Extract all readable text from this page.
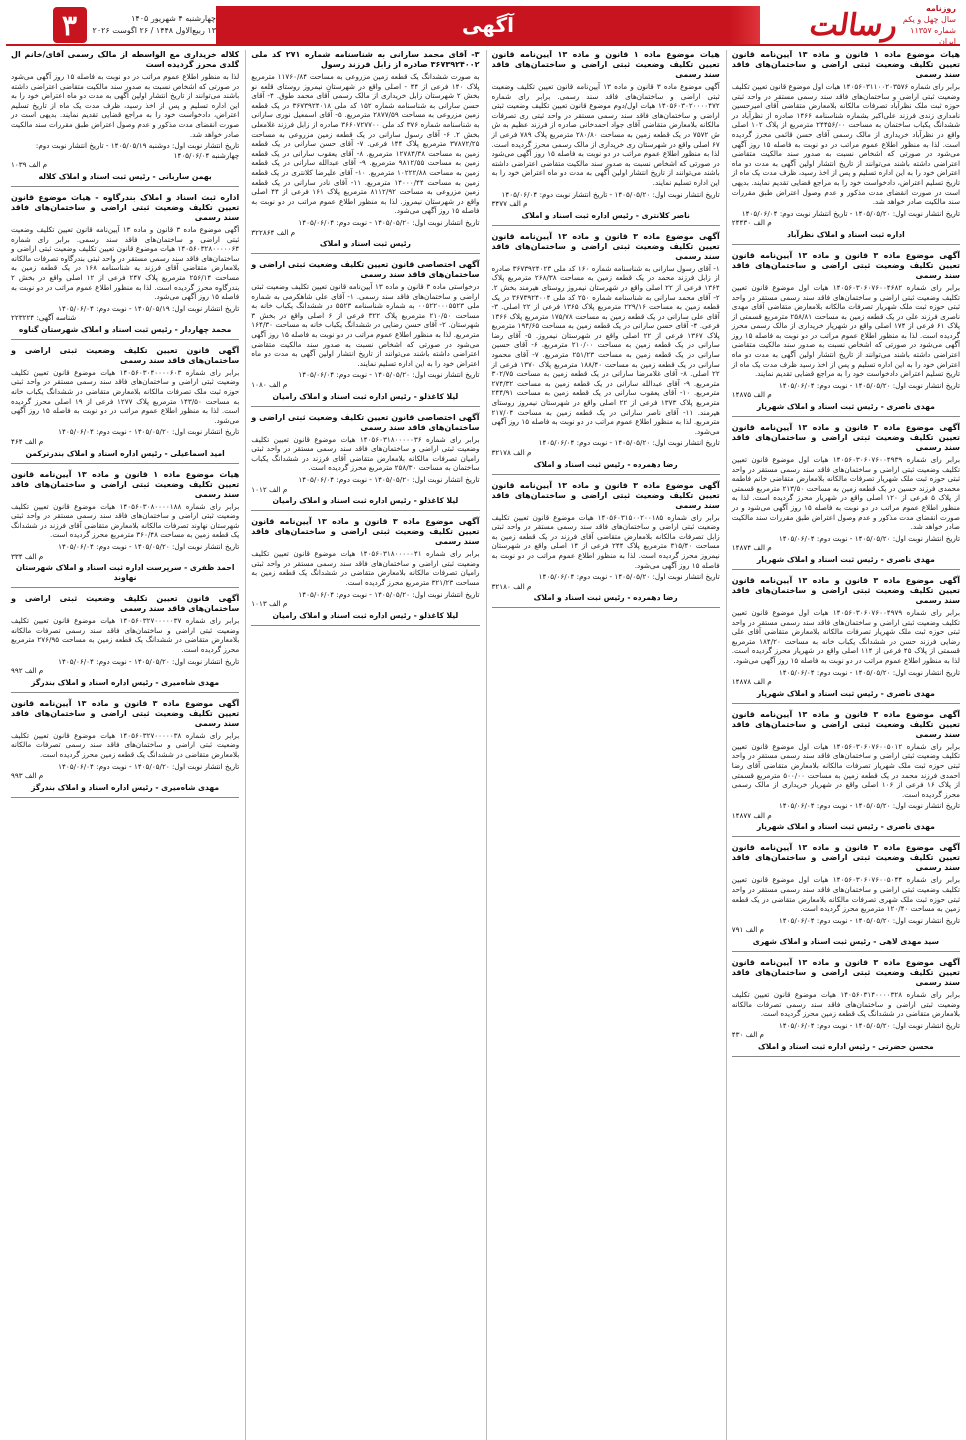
روزنامه
سال چهل و یکم
شماره ۱۱۳۵۷
ایران
رسالت
آگهی
چهارشنبه ۴ شهریور ۱۴۰۵
۱۳ ربیع‌الاول ۱۴۴۸ / ۲۶ اگوست ۲۰۲۶
۳
هیات موضوع ماده ۱ قانون و ماده ۱۳ آیین‌نامه قانون تعیین تکلیف وضعیت ثبتی اراضی و ساختمان‌های فاقد سند رسمی
برابر رای شماره ۱۴۰۵۶۰۳۱۱۰۰۲۰۳۵۷۶ هیات اول موضوع قانون تعیین تکلیف وضعیت ثبتی اراضی و ساختمان‌های فاقد سند رسمی مستقر در واحد ثبتی حوزه ثبت ملک نظرآباد تصرفات مالکانه بلامعارض متقاضی آقای امیرحسین نامداری زندی فرزند علی‌اکبر بشماره شناسنامه ۱۴۶۶ صادره از نظرآباد در ششدانگ یکباب ساختمان به مساحت ۲۴۴۵۶/۰۰ مترمربع از پلاک ۱۰۲ اصلی واقع در نظرآباد خریداری از مالک رسمی آقای حسن قائمی محرز گردیده است. لذا به منظور اطلاع عموم مراتب در دو نوبت به فاصله ۱۵ روز آگهی می‌شود در صورتی که اشخاص نسبت به صدور سند مالکیت متقاضی اعتراضی داشته باشند می‌توانند از تاریخ انتشار اولین آگهی به مدت دو ماه اعتراض خود را به این اداره تسلیم و پس از اخذ رسید، ظرف مدت یک ماه از تاریخ تسلیم اعتراض، دادخواست خود را به مراجع قضایی تقدیم نمایند. بدیهی است در صورت انقضای مدت مذکور و عدم وصول اعتراض طبق مقررات سند مالکیت صادر خواهد شد.
تاریخ انتشار نوبت اول: ۱۴۰۵/۰۵/۲۰ - تاریخ انتشار نوبت دوم: ۱۴۰۵/۰۶/۰۴
م الف ۲۴۴۳۰
اداره ثبت اسناد و املاک نظرآباد
آگهی موضوع ماده ۳ قانون و ماده ۱۳ آیین‌نامه قانون تعیین تکلیف وضعیت ثبتی اراضی و ساختمان‌های فاقد سند رسمی
برابر رای شماره ۱۴۰۵۶۰۳۰۶۰۷۶۰۰۴۶۸۲ هیات اول موضوع قانون تعیین تکلیف وضعیت ثبتی اراضی و ساختمان‌های فاقد سند رسمی مستقر در واحد ثبتی حوزه ثبت ملک شهریار تصرفات مالکانه بلامعارض متقاضی آقای مهدی ناصری فرزند علی در یک قطعه زمین به مساحت ۲۵۸/۸۱ مترمربع قسمتی از پلاک ۶۱ فرعی از ۱۷۴ اصلی واقع در شهریار خریداری از مالک رسمی محرز گردیده است. لذا به منظور اطلاع عموم مراتب در دو نوبت به فاصله ۱۵ روز آگهی می‌شود در صورتی که اشخاص نسبت به صدور سند مالکیت متقاضی اعتراضی داشته باشند می‌توانند از تاریخ انتشار اولین آگهی به مدت دو ماه اعتراض خود را به این اداره تسلیم و پس از اخذ رسید ظرف مدت یک ماه از تاریخ تسلیم اعتراض دادخواست خود را به مراجع قضایی تقدیم نمایند.
تاریخ انتشار نوبت اول: ۱۴۰۵/۰۵/۲۰ - نوبت دوم: ۱۴۰۵/۰۶/۰۴
م الف ۱۴۸۷۵
مهدی ناصری - رئیس ثبت اسناد و املاک شهریار
آگهی موضوع ماده ۳ قانون و ماده ۱۳ آیین‌نامه قانون تعیین تکلیف وضعیت ثبتی اراضی و ساختمان‌های فاقد سند رسمی
برابر رای شماره ۱۴۰۵۶۰۳۰۶۰۷۶۰۰۴۹۳۹ هیات اول موضوع قانون تعیین تکلیف وضعیت ثبتی اراضی و ساختمان‌های فاقد سند رسمی مستقر در واحد ثبتی حوزه ثبت ملک شهریار تصرفات مالکانه بلامعارض متقاضی خانم فاطمه محمدی فرزند حسین در یک قطعه زمین به مساحت ۲۱۳/۵۰ مترمربع قسمتی از پلاک ۵ فرعی از ۱۲۰ اصلی واقع در شهریار محرز گردیده است. لذا به منظور اطلاع عموم مراتب در دو نوبت به فاصله ۱۵ روز آگهی می‌شود و در صورت انقضای مدت مذکور و عدم وصول اعتراض طبق مقررات سند مالکیت صادر خواهد شد.
تاریخ انتشار نوبت اول: ۱۴۰۵/۰۵/۲۰ - نوبت دوم: ۱۴۰۵/۰۶/۰۴
م الف ۱۴۸۷۴
مهدی ناصری - رئیس ثبت اسناد و املاک شهریار
آگهی موضوع ماده ۳ قانون و ماده ۱۳ آیین‌نامه قانون تعیین تکلیف وضعیت ثبتی اراضی و ساختمان‌های فاقد سند رسمی
برابر رای شماره ۱۴۰۵۶۰۳۰۶۰۷۶۰۰۴۹۷۹ هیات اول موضوع قانون تعیین تکلیف وضعیت ثبتی اراضی و ساختمان‌های فاقد سند رسمی مستقر در واحد ثبتی حوزه ثبت ملک شهریار تصرفات مالکانه بلامعارض متقاضی آقای علی رضایی فرزند حسن در ششدانگ یکباب خانه به مساحت ۱۸۴/۲۰ مترمربع قسمتی از پلاک ۴۵ فرعی از ۱۱۴ اصلی واقع در شهریار محرز گردیده است. لذا به منظور اطلاع عموم مراتب در دو نوبت به فاصله ۱۵ روز آگهی می‌شود.
تاریخ انتشار نوبت اول: ۱۴۰۵/۰۵/۲۰ - نوبت دوم: ۱۴۰۵/۰۶/۰۴
م الف ۱۴۸۷۸
مهدی ناصری - رئیس ثبت اسناد و املاک شهریار
آگهی موضوع ماده ۳ قانون و ماده ۱۳ آیین‌نامه قانون تعیین تکلیف وضعیت ثبتی اراضی و ساختمان‌های فاقد سند رسمی
برابر رای شماره ۱۴۰۵۶۰۳۰۶۰۷۶۰۰۵۰۱۲ هیات اول موضوع قانون تعیین تکلیف وضعیت ثبتی اراضی و ساختمان‌های فاقد سند رسمی مستقر در واحد ثبتی حوزه ثبت ملک شهریار تصرفات مالکانه بلامعارض متقاضی آقای رضا احمدی فرزند محمد در یک قطعه زمین به مساحت ۵۰۰/۰۰ مترمربع قسمتی از پلاک ۱۶ فرعی از ۱۰۶ اصلی واقع در شهریار خریداری از مالک رسمی محرز گردیده است.
تاریخ انتشار نوبت اول: ۱۴۰۵/۰۵/۲۰ - نوبت دوم: ۱۴۰۵/۰۶/۰۴
م الف ۱۴۸۷۷
مهدی ناصری - رئیس ثبت اسناد و املاک شهریار
آگهی موضوع ماده ۳ قانون و ماده ۱۳ آیین‌نامه قانون تعیین تکلیف وضعیت ثبتی اراضی و ساختمان‌های فاقد سند رسمی
برابر رای شماره ۱۴۰۵۶۰۳۰۶۰۷۶۰۰۵۰۴۴ هیات اول موضوع قانون تعیین تکلیف وضعیت ثبتی اراضی و ساختمان‌های فاقد سند رسمی مستقر در واحد ثبتی حوزه ثبت ملک شهری تصرفات مالکانه بلامعارض متقاضی در یک قطعه زمین به مساحت ۱۲۰/۴۰ مترمربع محرز گردیده است.
تاریخ انتشار نوبت اول: ۱۴۰۵/۰۵/۲۰ - نوبت دوم: ۱۴۰۵/۰۶/۰۴
م الف ۷۹۱
سید مهدی لاهی - رئیس ثبت اسناد و املاک شهری
آگهی موضوع ماده ۳ قانون و ماده ۱۳ آیین‌نامه قانون تعیین تکلیف وضعیت ثبتی اراضی و ساختمان‌های فاقد سند رسمی
برابر رای شماره ۱۴۰۵۶۰۳۱۴۰۰۰۰۳۲۸ هیات موضوع قانون تعیین تکلیف وضعیت ثبتی اراضی و ساختمان‌های فاقد سند رسمی تصرفات مالکانه بلامعارض متقاضی در ششدانگ یک قطعه زمین محرز گردیده است.
تاریخ انتشار نوبت اول: ۱۴۰۵/۰۵/۲۰ - نوبت دوم: ۱۴۰۵/۰۶/۰۴
م الف ۴۳۰
محسن حضرتی - رئیس اداره ثبت اسناد و املاک
هیات موضوع ماده ۱ قانون و ماده ۱۳ آیین‌نامه قانون تعیین تکلیف وضعیت ثبتی اراضی و ساختمان‌های فاقد سند رسمی
آگهی موضوع ماده ۳ قانون و ماده ۱۳ آیین‌نامه قانون تعیین تکلیف وضعیت ثبتی اراضی و ساختمان‌های فاقد سند رسمی. برابر رای شماره ۱۴۰۵۶۰۳۰۲۰۰۰۰۴۷۲ هیات اول/دوم موضوع قانون تعیین تکلیف وضعیت ثبتی اراضی و ساختمان‌های فاقد سند رسمی مستقر در واحد ثبتی ری تصرفات مالکانه بلامعارض متقاضی آقای جواد احمدخانی صادره از فرزند عظیم به ش ش ۷۵۷۲ در یک قطعه زمین به مساحت ۲۸۰/۸۰ مترمربع پلاک ۷۸۹ فرعی از ۶۷ اصلی واقع در شهرستان ری خریداری از مالک رسمی محرز گردیده است. لذا به منظور اطلاع عموم مراتب در دو نوبت به فاصله ۱۵ روز آگهی می‌شود در صورتی که اشخاص نسبت به صدور سند مالکیت متقاضی اعتراضی داشته باشند می‌توانند از تاریخ انتشار اولین آگهی به مدت دو ماه اعتراض خود را به این اداره تسلیم نمایند.
تاریخ انتشار نوبت اول: ۱۴۰۵/۰۵/۲۰ - تاریخ انتشار نوبت دوم: ۱۴۰۵/۰۶/۰۴
م الف ۳۴۷۷
ناصر کلانتری - رئیس اداره ثبت اسناد و املاک
آگهی موضوع ماده ۳ قانون و ماده ۱۳ آیین‌نامه قانون تعیین تکلیف وضعیت ثبتی اراضی و ساختمان‌های فاقد سند رسمی
۱- آقای رسول سارانی به شناسنامه شماره ۱۶۰ کد ملی ۳۶۷۳۹۲۴۰۲۳ صادره از زابل فرزند محمد در یک قطعه زمین به مساحت ۲۶۸/۳۸ مترمربع پلاک ۱۳۶۴ فرعی از ۲۲ اصلی واقع در شهرستان نیمروز روستای هیرمند بخش ۲. ۲- آقای محمد سارانی به شناسنامه شماره ۲۵۰ کد ملی ۳۶۷۳۹۲۴۰۰۴ در یک قطعه زمین به مساحت ۲۲۹/۱۶ مترمربع پلاک ۱۳۶۵ فرعی از ۲۲ اصلی. ۳- آقای علی سارانی در یک قطعه زمین به مساحت ۱۷۵/۷۸ مترمربع پلاک ۱۳۶۶ فرعی. ۴- آقای حسن سارانی در یک قطعه زمین به مساحت ۱۹۴/۶۵ مترمربع پلاک ۱۳۶۷ فرعی از ۲۲ اصلی واقع در شهرستان نیمروز. ۵- آقای رضا سارانی در یک قطعه زمین به مساحت ۲۱۰/۰۰ مترمربع. ۶- آقای حسین سارانی در یک قطعه زمین به مساحت ۲۵۱/۲۳ مترمربع. ۷- آقای محمود سارانی در یک قطعه زمین به مساحت ۱۸۸/۴۰ مترمربع پلاک ۱۳۷۰ فرعی از ۲۲ اصلی. ۸- آقای غلامرضا سارانی در یک قطعه زمین به مساحت ۳۰۲/۷۵ مترمربع. ۹- آقای عبدالله سارانی در یک قطعه زمین به مساحت ۲۷۴/۳۲ مترمربع. ۱۰- آقای یعقوب سارانی در یک قطعه زمین به مساحت ۲۴۴/۹۱ مترمربع پلاک ۱۳۷۳ فرعی از ۲۲ اصلی واقع در شهرستان نیمروز روستای هیرمند. ۱۱- آقای ناصر سارانی در یک قطعه زمین به مساحت ۲۱۷/۰۴ مترمربع. لذا به منظور اطلاع عموم مراتب در دو نوبت به فاصله ۱۵ روز آگهی می‌شود.
تاریخ انتشار نوبت اول: ۱۴۰۵/۰۵/۲۰ - نوبت دوم: ۱۴۰۵/۰۶/۰۴
م الف ۳۲۱۷۸
رضا دهمرده - رئیس ثبت اسناد و املاک
آگهی موضوع ماده ۳ قانون و ماده ۱۳ آیین‌نامه قانون تعیین تکلیف وضعیت ثبتی اراضی و ساختمان‌های فاقد سند رسمی
برابر رای شماره ۱۴۰۵۶۰۳۱۵۰۰۲۰۰۱۸۵ هیات موضوع قانون تعیین تکلیف وضعیت ثبتی اراضی و ساختمان‌های فاقد سند رسمی مستقر در واحد ثبتی زابل تصرفات مالکانه بلامعارض متقاضی آقای فرزند در یک قطعه زمین به مساحت ۳۱۵/۴۰ مترمربع پلاک ۲۴۴ فرعی از ۱۴ اصلی واقع در شهرستان نیمروز محرز گردیده است. لذا به منظور اطلاع عموم مراتب در دو نوبت به فاصله ۱۵ روز آگهی می‌شود.
تاریخ انتشار نوبت اول: ۱۴۰۵/۰۵/۲۰ - نوبت دوم: ۱۴۰۵/۰۶/۰۴
م الف ۳۲۱۸۰
رضا دهمرده - رئیس ثبت اسناد و املاک
۳- آقای محمد سارانی به شناسنامه شماره ۲۷۱ کد ملی ۳۶۷۳۹۲۴۰۰۲ صادره از زابل فرزند رسول
به صورت ششدانگ یک قطعه زمین مزروعی به مساحت ۱۱۷۶۰/۸۴ مترمربع پلاک ۱۴۰ فرعی از ۴۴ - اصلی واقع در شهرستان نیمروز روستای قلعه نو بخش ۲ شهرستان زابل خریداری از مالک رسمی آقای محمد طوق. ۴- آقای حسن سارانی به شناسنامه شماره ۱۵۲ کد ملی ۳۶۷۳۹۲۴۰۱۸ در یک قطعه زمین مزروعی به مساحت ۲۸۷۷/۵۹ مترمربع. ۵- آقای اسمعیل نوری سارانی به شناسنامه شماره ۳۷۶ کد ملی ۳۶۶۰۷۲۷۷۰۰ صادره از زابل فرزند غلامعلی بخش ۲. ۶- آقای رسول سارانی در یک قطعه زمین مزروعی به مساحت ۳۷۸۷۲/۲۵ مترمربع پلاک ۱۴۴ فرعی. ۷- آقای حسن سارانی در یک قطعه زمین به مساحت ۱۲۷۸۴/۳۸ مترمربع. ۸- آقای یعقوب سارانی در یک قطعه زمین به مساحت ۹۸۱۲/۵۵ مترمربع. ۹- آقای عبدالله سارانی در یک قطعه زمین به مساحت ۱۰۲۲۲/۸۸ مترمربع. ۱۰- آقای علیرضا کلانتری در یک قطعه زمین به مساحت ۱۴۰۰۰/۴۴ مترمربع. ۱۱- آقای نادر سارانی در یک قطعه زمین مزروعی به مساحت ۸۱۱۲/۹۲ مترمربع پلاک ۱۶۱ فرعی از ۴۴ اصلی واقع در شهرستان نیمروز. لذا به منظور اطلاع عموم مراتب در دو نوبت به فاصله ۱۵ روز آگهی می‌شود.
تاریخ انتشار نوبت اول: ۱۴۰۵/۰۵/۲۰ - نوبت دوم: ۱۴۰۵/۰۶/۰۴
م الف ۳۲۲۸۶۴
رئیس ثبت اسناد و املاک
آگهی اختصاصی قانون تعیین تکلیف وضعیت ثبتی اراضی و ساختمان‌های فاقد سند رسمی
درخواستی ماده ۳ قانون و ماده ۱۳ آیین‌نامه قانون تعیین تکلیف وضعیت ثبتی اراضی و ساختمان‌های فاقد سند رسمی. ۱- آقای علی شاهکرمی به شماره ملی ۰۰۵۲۲۰۰۰۵۵۲۳ به شماره شناسنامه ۵۵۲۳ در ششدانگ یکباب خانه به مساحت ۲۱۰/۵۰ مترمربع پلاک ۳۲۲ فرعی از ۶ اصلی واقع در بخش ۳ شهرستان. ۲- آقای حسن رضایی در ششدانگ یکباب خانه به مساحت ۱۶۴/۳۰ مترمربع. لذا به منظور اطلاع عموم مراتب در دو نوبت به فاصله ۱۵ روز آگهی می‌شود در صورتی که اشخاص نسبت به صدور سند مالکیت متقاضی اعتراضی داشته باشند می‌توانند از تاریخ انتشار اولین آگهی به مدت دو ماه اعتراض خود را به این اداره تسلیم نمایند.
تاریخ انتشار نوبت اول: ۱۴۰۵/۰۵/۲۰ - نوبت دوم: ۱۴۰۵/۰۶/۰۴
م الف ۱۰۸۰
لیلا کاغذلو - رئیس اداره ثبت اسناد و املاک رامیان
آگهی اختصاصی قانون تعیین تکلیف وضعیت ثبتی اراضی و ساختمان‌های فاقد سند رسمی
برابر رای شماره ۱۴۰۵۶۰۳۱۸۰۰۰۰۰۳۶ هیات موضوع قانون تعیین تکلیف وضعیت ثبتی اراضی و ساختمان‌های فاقد سند رسمی مستقر در واحد ثبتی رامیان تصرفات مالکانه بلامعارض متقاضی آقای فرزند در ششدانگ یکباب ساختمان به مساحت ۲۵۸/۳۰ مترمربع محرز گردیده است.
تاریخ انتشار نوبت اول: ۱۴۰۵/۰۵/۲۰ - نوبت دوم: ۱۴۰۵/۰۶/۰۴
م الف ۱۰۱۲
لیلا کاغذلو - رئیس اداره ثبت اسناد و املاک رامیان
آگهی موضوع ماده ۳ قانون و ماده ۱۳ آیین‌نامه قانون تعیین تکلیف وضعیت ثبتی اراضی و ساختمان‌های فاقد سند رسمی
برابر رای شماره ۱۴۰۵۶۰۳۱۸۰۰۰۰۰۴۱ هیات موضوع قانون تعیین تکلیف وضعیت ثبتی اراضی و ساختمان‌های فاقد سند رسمی مستقر در واحد ثبتی رامیان تصرفات مالکانه بلامعارض متقاضی در ششدانگ یک قطعه زمین به مساحت ۳۲۱/۲۳ مترمربع محرز گردیده است.
تاریخ انتشار نوبت اول: ۱۴۰۵/۰۵/۲۰ - نوبت دوم: ۱۴۰۵/۰۶/۰۴
م الف ۱۰۱۳
لیلا کاغذلو - رئیس اداره ثبت اسناد و املاک رامیان
کلاله خریداری مع الواسطه از مالک رسمی آقای/خانم ال گلدی محرز گردیده است
لذا به منظور اطلاع عموم مراتب در دو نوبت به فاصله ۱۵ روز آگهی می‌شود در صورتی که اشخاص نسبت به صدور سند مالکیت متقاضی اعتراضی داشته باشند می‌توانند از تاریخ انتشار اولین آگهی به مدت دو ماه اعتراض خود را به این اداره تسلیم و پس از اخذ رسید، ظرف مدت یک ماه از تاریخ تسلیم اعتراض، دادخواست خود را به مراجع قضایی تقدیم نمایند. بدیهی است در صورت انقضای مدت مذکور و عدم وصول اعتراض طبق مقررات سند مالکیت صادر خواهد شد.
تاریخ انتشار نوبت اول: دوشنبه ۱۴۰۵/۰۵/۱۹ - تاریخ انتشار نوبت دوم: چهارشنبه ۱۴۰۵/۰۶/۰۴
م الف ۱۰۳۹
بهمن ساربانی - رئیس ثبت اسناد و املاک کلاله
اداره ثبت اسناد و املاک بندرگاوه - هیات موضوع قانون تعیین تکلیف وضعیت ثبتی اراضی و ساختمان‌های فاقد سند رسمی
آگهی موضوع ماده ۳ قانون و ماده ۱۳ آیین‌نامه قانون تعیین تکلیف وضعیت ثبتی اراضی و ساختمان‌های فاقد سند رسمی. برابر رای شماره ۱۴۰۵۶۰۳۲۸۰۰۰۰۰۶۴ هیات موضوع قانون تعیین تکلیف وضعیت ثبتی اراضی و ساختمان‌های فاقد سند رسمی مستقر در واحد ثبتی بندرگاوه تصرفات مالکانه بلامعارض متقاضی آقای فرزند به شناسنامه ۱۶۸ در یک قطعه زمین به مساحت ۲۵۶/۱۴ مترمربع پلاک ۲۴۷ فرعی از ۱۲ اصلی واقع در بخش ۲ بندرگاوه محرز گردیده است. لذا به منظور اطلاع عموم مراتب در دو نوبت به فاصله ۱۵ روز آگهی می‌شود.
تاریخ انتشار نوبت اول: ۱۴۰۵/۰۵/۱۹ - نوبت دوم: ۱۴۰۵/۰۶/۰۴
شناسه آگهی: ۲۲۳۲۲۴
محمد چهاردار - رئیس ثبت اسناد و املاک شهرستان گناوه
آگهی قانون تعیین تکلیف وضعیت ثبتی اراضی و ساختمان‌های فاقد سند رسمی
برابر رای شماره ۱۴۰۵۶۰۳۰۴۰۰۰۰۶۰۳ هیات موضوع قانون تعیین تکلیف وضعیت ثبتی اراضی و ساختمان‌های فاقد سند رسمی مستقر در واحد ثبتی حوزه ثبت ملک تصرفات مالکانه بلامعارض متقاضی در ششدانگ یکباب خانه به مساحت ۱۴۳/۵۰ مترمربع پلاک ۱۲۷۷ فرعی از ۱۹ اصلی محرز گردیده است. لذا به منظور اطلاع عموم مراتب در دو نوبت به فاصله ۱۵ روز آگهی می‌شود.
تاریخ انتشار نوبت اول: ۱۴۰۵/۰۵/۲۰ - نوبت دوم: ۱۴۰۵/۰۶/۰۴
م الف ۴۶۴
امید اسماعیلی - رئیس اداره اسناد و املاک بندرترکمن
هیات موضوع ماده ۱ قانون و ماده ۱۳ آیین‌نامه قانون تعیین تکلیف وضعیت ثبتی اراضی و ساختمان‌های فاقد سند رسمی
برابر رای شماره ۱۴۰۵۶۰۳۰۸۰۰۰۰۱۸۸ هیات موضوع قانون تعیین تکلیف وضعیت ثبتی اراضی و ساختمان‌های فاقد سند رسمی مستقر در واحد ثبتی شهرستان نهاوند تصرفات مالکانه بلامعارض متقاضی آقای فرزند در ششدانگ یک قطعه زمین به مساحت ۳۶۰/۴۸ مترمربع محرز گردیده است.
تاریخ انتشار نوبت اول: ۱۴۰۵/۰۵/۲۰ - نوبت دوم: ۱۴۰۵/۰۶/۰۴
م الف ۳۳۴
احمد ظفری - سرپرست اداره ثبت اسناد و املاک شهرستان نهاوند
آگهی قانون تعیین تکلیف وضعیت ثبتی اراضی و ساختمان‌های فاقد سند رسمی
برابر رای شماره ۱۴۰۵۶۰۳۲۷۰۰۰۰۰۳۷ هیات موضوع قانون تعیین تکلیف وضعیت ثبتی اراضی و ساختمان‌های فاقد سند رسمی تصرفات مالکانه بلامعارض متقاضی در ششدانگ یک قطعه زمین به مساحت ۲۷۶/۹۵ مترمربع محرز گردیده است.
تاریخ انتشار نوبت اول: ۱۴۰۵/۰۵/۲۰ - نوبت دوم: ۱۴۰۵/۰۶/۰۴
م الف ۹۹۲
مهدی شاه‌میری - رئیس اداره اسناد و املاک بندرگز
آگهی موضوع ماده ۳ قانون و ماده ۱۳ آیین‌نامه قانون تعیین تکلیف وضعیت ثبتی اراضی و ساختمان‌های فاقد سند رسمی
برابر رای شماره ۱۴۰۵۶۰۳۲۷۰۰۰۰۰۳۸ هیات موضوع قانون تعیین تکلیف وضعیت ثبتی اراضی و ساختمان‌های فاقد سند رسمی تصرفات مالکانه بلامعارض متقاضی در ششدانگ یک قطعه زمین محرز گردیده است.
تاریخ انتشار نوبت اول: ۱۴۰۵/۰۵/۲۰ - نوبت دوم: ۱۴۰۵/۰۶/۰۴
م الف ۹۹۳
مهدی شاه‌میری - رئیس اداره اسناد و املاک بندرگز
